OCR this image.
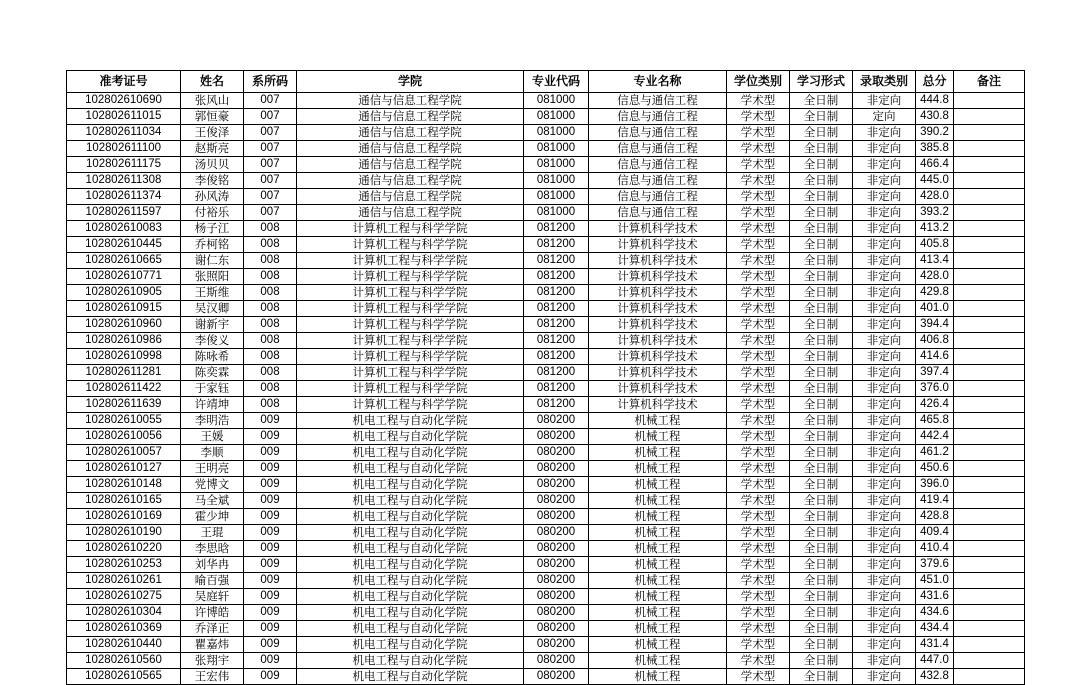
准考证号	姓名	系所码	学院	专业代码	专业名称	学位类别	学习形式	录取类别	总分	备注
102802610690	张风山	007	通信与信息工程学院	081000	信息与通信工程	学术型	全日制	非定向	444.8	
102802611015	郭恒豪	007	通信与信息工程学院	081000	信息与通信工程	学术型	全日制	定向	430.8	
102802611034	王俊泽	007	通信与信息工程学院	081000	信息与通信工程	学术型	全日制	非定向	390.2	
102802611100	赵斯亮	007	通信与信息工程学院	081000	信息与通信工程	学术型	全日制	非定向	385.8	
102802611175	汤贝贝	007	通信与信息工程学院	081000	信息与通信工程	学术型	全日制	非定向	466.4	
102802611308	李俊铭	007	通信与信息工程学院	081000	信息与通信工程	学术型	全日制	非定向	445.0	
102802611374	孙风涛	007	通信与信息工程学院	081000	信息与通信工程	学术型	全日制	非定向	428.0	
102802611597	付裕乐	007	通信与信息工程学院	081000	信息与通信工程	学术型	全日制	非定向	393.2	
102802610083	杨子江	008	计算机工程与科学学院	081200	计算机科学技术	学术型	全日制	非定向	413.2	
102802610445	乔柯铭	008	计算机工程与科学学院	081200	计算机科学技术	学术型	全日制	非定向	405.8	
102802610665	谢仁东	008	计算机工程与科学学院	081200	计算机科学技术	学术型	全日制	非定向	413.4	
102802610771	张照阳	008	计算机工程与科学学院	081200	计算机科学技术	学术型	全日制	非定向	428.0	
102802610905	王斯维	008	计算机工程与科学学院	081200	计算机科学技术	学术型	全日制	非定向	429.8	
102802610915	吴汉卿	008	计算机工程与科学学院	081200	计算机科学技术	学术型	全日制	非定向	401.0	
102802610960	谢新宇	008	计算机工程与科学学院	081200	计算机科学技术	学术型	全日制	非定向	394.4	
102802610986	李俊义	008	计算机工程与科学学院	081200	计算机科学技术	学术型	全日制	非定向	406.8	
102802610998	陈咏希	008	计算机工程与科学学院	081200	计算机科学技术	学术型	全日制	非定向	414.6	
102802611281	陈奕霖	008	计算机工程与科学学院	081200	计算机科学技术	学术型	全日制	非定向	397.4	
102802611422	于家钰	008	计算机工程与科学学院	081200	计算机科学技术	学术型	全日制	非定向	376.0	
102802611639	许靖坤	008	计算机工程与科学学院	081200	计算机科学技术	学术型	全日制	非定向	426.4	
102802610055	李明浩	009	机电工程与自动化学院	080200	机械工程	学术型	全日制	非定向	465.8	
102802610056	王媛	009	机电工程与自动化学院	080200	机械工程	学术型	全日制	非定向	442.4	
102802610057	李顺	009	机电工程与自动化学院	080200	机械工程	学术型	全日制	非定向	461.2	
102802610127	王明亮	009	机电工程与自动化学院	080200	机械工程	学术型	全日制	非定向	450.6	
102802610148	党博文	009	机电工程与自动化学院	080200	机械工程	学术型	全日制	非定向	396.0	
102802610165	马全斌	009	机电工程与自动化学院	080200	机械工程	学术型	全日制	非定向	419.4	
102802610169	霍少坤	009	机电工程与自动化学院	080200	机械工程	学术型	全日制	非定向	428.8	
102802610190	王琨	009	机电工程与自动化学院	080200	机械工程	学术型	全日制	非定向	409.4	
102802610220	李思晗	009	机电工程与自动化学院	080200	机械工程	学术型	全日制	非定向	410.4	
102802610253	刘华冉	009	机电工程与自动化学院	080200	机械工程	学术型	全日制	非定向	379.6	
102802610261	喻百强	009	机电工程与自动化学院	080200	机械工程	学术型	全日制	非定向	451.0	
102802610275	吴庭轩	009	机电工程与自动化学院	080200	机械工程	学术型	全日制	非定向	431.6	
102802610304	许博皓	009	机电工程与自动化学院	080200	机械工程	学术型	全日制	非定向	434.6	
102802610369	乔泽正	009	机电工程与自动化学院	080200	机械工程	学术型	全日制	非定向	434.4	
102802610440	瞿嘉炜	009	机电工程与自动化学院	080200	机械工程	学术型	全日制	非定向	431.4	
102802610560	张翔宇	009	机电工程与自动化学院	080200	机械工程	学术型	全日制	非定向	447.0	
102802610565	王宏伟	009	机电工程与自动化学院	080200	机械工程	学术型	全日制	非定向	432.8	
